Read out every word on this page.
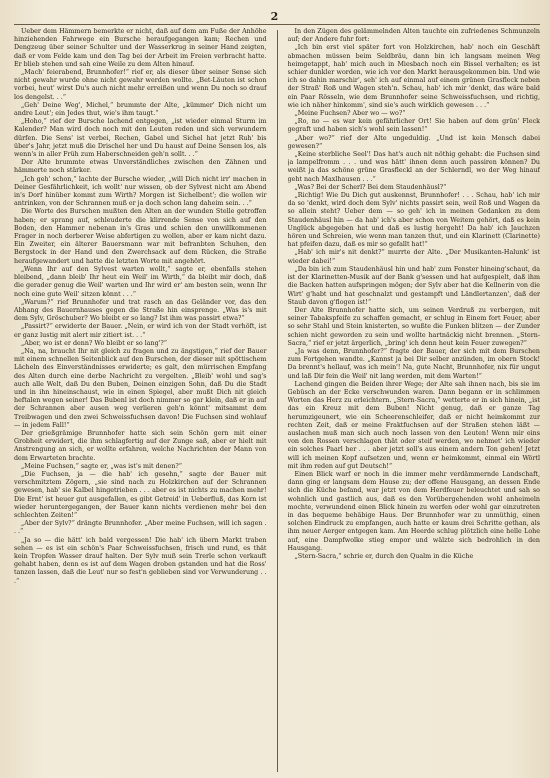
2

Ueber dem Hämmern bemerkte er nicht, daß auf dem am Fuße der Anhöhe hinziehenden Fahrwege ein Bursche heraufgegangen kam; Rechen und Dengzeug über seiner Schulter und der Wasserkrug in seiner Hand zeigten, daß er vom Felde kam und den Tag bei der Arbeit im Freien verbracht hatte. Er blieb stehen und sah eine Weile zu dem Alten hinauf.

„Mach' feierabend, Brunnhofer!“ rief er, als dieser über seiner Sense sich nicht gewahr wurde ohne nicht gewahr werden wollte. „Bet-Läuten ist schon vorbei, heut' wirst Du's auch nicht mehr erreißen und wenn Du noch so drauf los dengelst. . .“

„Geh' Deine Weg', Michel,“ brummte der Alte, „kümmer' Dich nicht um andre Leut'; ein Jedes thut, wie's ihm taugt.“

„Hoho,“ rief der Bursche lachend entgegen, „ist wieder einmal Sturm im Kalender? Man wird doch noch mit den Leuten reden und sich verwundern dürfen. Die Sens' ist verbei, Rechen, Gabel und Sichel hat jetzt Ruh' bis über's Jahr, jetzt muß die Drischel her und Du haust auf Deine Sensen los, als wenn's in aller Früh zum Haberschneiden geh'n sollt. . .“

Der Alte brummte etwas Unverständliches zwischen den Zähnen und hämmerte noch stärker.

„Ich geh' schon,“ lachte der Bursche wieder, „will Dich nicht irr' machen in Deiner Gesfährlichkeit, ich wollt' nur wissen, ob der Sylvest nicht am Abend in's Dorf hinüber kommt zum Wirth? Morgen ist Sichelbent'; die wollen wir antrinken, von der Schrannen muß er ja doch schon lang daheim sein. . .“

Die Worte des Burschen mußten den Alten an der wunden Stelle getroffen haben; er sprang auf, schleuderte die klirrende Sense von sich auf den Boden, den Hammer nebenan in's Gras und schien den unwillkommenen Frager in noch derberer Weise abfertigen zu wollen, aber er kam nicht dazu. Ein Zweiter, ein älterer Bauersmann war mit befranbten Schuhen, den Bergstock in der Hand und den Zwerchsack auf dem Rücken, die Straße heraufgewandert und hatte die letzten Worte mit angehört.

„Wenn Ihr auf den Sylvest warten wollt,“ sagte er, ebenfalls stehen bleibend, „dann bleib' Ihr heut ein Weil' im Wirth,“ da bleibt mir doch, daß die gerader genug die Weil' warten und Ihr wird er' am besten sein, wenn Ihr noch eine gute Weil' sitzen könnt . . .“

„Warum?“ rief Brunnhofer und trat rasch an das Geländer vor, das den Abhang des Bauernhauses gegen die Straße hin einsprenge. „Was is's mit dem Sylv, Gröschuber? Wo bleibt er so lang? Ist ihm was passirt etwa?“

„Passirt?“ erwiderte der Bauer. „Nein, er wird ich von der Stadt verhöft, ist er ganz lustig mit alert mir zitiert ist. . .“

„Aber, wo ist er denn? Wo bleibt er so lang'?“

„Na, na, braucht Ihr nit gleich zu fragen und zu ängstigen,“ rief der Bauer mit einem schnellen Seitenblick auf den Burschen, der dieser mit spöttischem Lächeln des Einverständnisses erwiderte; es galt, den mürrischen Empfang des Alten durch eine derbe Nachricht zu vergelten. „Bleib' wohl und sag's auch alle Welt, daß Du den Buben, Deinen einzigen Sohn, daß Du die Stadt und in ihn hineinschaust, wie in einen Spiegel, aber mußt Dich nit gleich heftalen wegen seiner! Das Bubenl ist doch nimmer so gar klein, daß er in auf der Schrannen aber ausen weg verlieren geh'n könnt' mitsammt dem Treibwagen und den zwei Schweissfuchsen davon! Die Fuchsen sind wohlauf — in jedem Fall!“

Der grießgrämige Brunnhofer hatte sich sein Schön gern mit einer Grobheit erwidert, die ihm schlagfertig auf der Zunge saß, aber er hielt mit Anstrengung an sich, er wollte erfahren, welche Nachrichten der Mann von dem Erwarteten brachte.

„Meine Fuchsen,“ sagte er, „was ist's mit denen?“

„Die Fuchsen, ja — die hab' ich gesehn,“ sagte der Bauer mit verschmitztem Zögern, „sie sind nach zu Holzkirchen auf der Schrannen gewesen, hab' sie Kalbel hingetrieben . . . aber es ist nichts zu machen mehr! Die Ernt' ist heuer gut ausgefallen, es gibt Getreid' in Ueberfluß, das Korn ist wieder heruntergegangen, der Bauer kann nichts verdienen mehr bei den schlechten Zeiten!“

„Aber der Sylv?“ drängte Brunnhofer. „Aber meine Fuchsen, will ich sagen . . .“

„Ja so — die hätt' ich bald vergessen! Die hab' ich übern Markt traben sehen — es ist ein schön's Paar Schweissfuchsen, frisch und rund, es thät kein Tropfen Wasser drauf halten. Der Sylv muß sein Trerle schon verkauft gehabt haben, denn es ist auf dem Wagen droben gstanden und hat die Ross' tanzen lassen, daß die Leut' nur so fest'n geblieben sind vor Verwunderung . . .“

In den Zügen des gelämmelnden Alten tauchte ein zufriedenes Schmunzeln auf; der Andere fuhr fort:

„Ich bin erst viel später fort von Holzkirchen, hab' noch ein Geschäft abmachen müssen beim Seldbräu, dann bin ich langsam meinen Weg heimgetappt, hab' mich auch in Miesbach noch ein Bissel verhalten; es ist schier dunkler worden, wie ich vor den Markt herausgekommen bin. Und wie ich so dahin marschir', seh' ich auf einmal auf einem grünen Grasfleck neben der Straß' Roß und Wagen steh'n. Schau, hab' ich mir 'denkt, das wäre bald ein Paar Rösseln, wie dem Brunnhofer seine Schweissfuchsen, und richtig, wie ich näher hinkomm', sind sie's auch wirklich gewesen . . .“

„Meine Fuchsen? Aber wo — wo?“

„Ro, no — es war kein gefährlicher Ort! Sie haben auf dem grün' Fleck gegraft und haben sich's wohl sein lassen!“

„Aber wo?“ rief der Alte ungeduldig. „Und ist kein Mensch dabei gewesen?“

„Keine sterbliche Seel'! Das hat's auch nit nöthig gehabt: die Fuchsen sind ja lampelfromm . . . und was hätt' ihnen denn auch passiren können? Du weißt ja das schöne grüne Grasfleckl an der Schlerndl, wo der Weg hinauf geht nach Maxlhausen . . .“

„Was? Bei der Scherl? Bei dem Staudenhäusl?“

„Richtig! Wie Du Dich gut auskennst, Brunnhofer! . . . Schau, hab' ich mir da so 'denkt, wird doch dem Sylv' nichts passirt sein, weil Roß und Wagen da so allein steht? Ueber dem — so geh' ich in meinen Gedanken zu dem Staudenhäusl hin — da hab' ich's aber schon von Weitem gehört, daß es kein Unglück abgegeben hat und daß es lustig hergeht! Da hab' ich Jauchzen hören und Schreien, wie wenn man tanzen thut, und ein Klarinett (Clarinette) hat pfeifen dazu, daß es mir so gefallt hat!“

„Hab' ich mir's nit denkt?“ murrte der Alte. „Der Musikanten-Halunk' ist wieder dabei!“

„Da bin ich zum Staudenhäusl hin und hab' zum Fenster hineing'schaut, da ist der Klarinetten-Musik auf der Bank g'sessen und hat aufgespielt, daß ihm die Backen hatten aufspringen mögen; der Sylv aber hat die Kellnerin von die Wirt' g'habt und hat geschnalzt und gestampft und Ländlertanzen', daß der Staub davon g'flogen ist!“

Der Alte Brunnhofer hatte sich, um seinen Verdruß zu verbergen, mit seiner Tabakspfeife zu schaffen gemacht, er schlug in Einem fort Feuer, aber so sehr Stahl und Stein knisterten, so wußte die Funken blitzen — der Zunder schien nicht geworden zu sein und wollte hartnäckig nicht brennen. „Stern-Sacra,“ rief er jetzt ärgerlich, „bring' ich denn heut kein Feuer zuwegen?“

„Ja was denn, Brunnhofer?“ fragte der Bauer, der sich mit dem Burschen zum Fortgehen wandte. „Kannst ja bei Dir selber anzünden, im obern Stock! Da brennt's hellauf, was ich mein'! Na, gute Nacht, Brunnhofer, nix für ungut und laß Dir fein die Weil' nit lang werden, mit dem Warten!“

Lachend gingen die Beiden ihrer Wege; der Alte sah ihnen nach, bis sie im Gebüsch an der Ecke verschwunden waren. Dann begann er in schlimmen Worten das Herz zu erleichtern. „Stern-Sacra,“ wetterte er in sich hinein, „ist das ein Kreuz mit dem Buben! Nicht genug, daß er ganze Tag herumzigeunert, wie ein Scheerenschleifer, daß er nicht heimkommt zur rechten Zeit, daß er meine Fraktfuchsen auf der Straßen stehen läßt — auslachen muß man sich auch noch lassen von den Leuten! Wenn mir eins von den Rossen verschlagen thät oder steif werden, wo nehmet' ich wieder ein solches Paarl her . . . aber jetzt soll's aus einem andern Ton gehen! Jetzt will ich meinen Kopf aufsetzen und, wenn er heimkommt, einmal ein Wörtl mit ihm reden auf gut Deutsch!“

Einen Blick warf er noch in die immer mehr verdämmernde Landschaft, dann ging er langsam dem Hause zu; der offene Hausgang, an dessen Ende sich die Küche befand, war jetzt von dem Herdfeuer beleuchtet und sah so wohnlich und gastlich aus, daß es den Vorübergehenden wohl anheimeln mochte, verwundend einen Blick hinein zu werfen oder wohl gar einzutreten in das bequeme behäbige Haus. Der Brunnhofer war zu unmüthig, einen solchen Eindruck zu empfangen, auch hatte er kaum drei Schritte gethan, als ihm neuer Aerger entgegen kam. Am Heerde schlug plötzlich eine helle Lohe auf, eine Dampfwolke stieg empor und wälzte sich bedrohlich in den Hausgang.

„Stern-Sacra,“ schrie er, durch den Qualm in die Küche
